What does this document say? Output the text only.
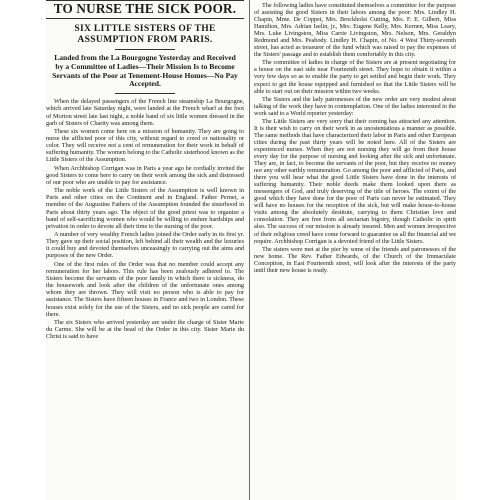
TO NURSE THE SICK POOR.
SIX LITTLE SISTERS OF THE ASSUMPTION FROM PARIS.
Landed from the La Bourgogne Yesterday and Received by a Committee of Ladies—Their Mission Is to Become Servants of the Poor at Tenement-House Homes—No Pay Accepted.

When the delayed passengers of the French line steamship La Bourgogne, which arrived late Saturday night, were landed at the French wharf at the foot of Morton street late last night, a noble band of six little women dressed in the garb of Sisters of Charity was among them.

These six women come here on a mission of humanity. They are going to nurse the afflicted poor of this city, without regard to creed or nationality or color. They will receive not a cent of remuneration for their work in behalf of suffering humanity. The women belong to the Catholic sisterhood known as the Little Sisters of the Assumption.

When Archbishop Corrigan was in Paris a year ago he cordially invited the good Sisters to come here to carry on their work among the sick and distressed of our poor who are unable to pay for assistance.

The noble work of the Little Sisters of the Assumption is well known in Paris and other cities on the Continent and in England. Father Pernet, a member of the Augustine Fathers of the Assumption founded the sisterhood in Paris about thirty years ago. The object of the good priest was to organize a band of self-sacrificing women who would be willing to endure hardships and privation in order to devote all their time to the nursing of the poor.

A number of very wealthy French ladies joined the Order early in its first yr. They gave up their social position, left behind all their wealth and the luxuries it could buy and devoted themselves unceasingly to carrying out the aims and purposes of the new Order.

One of the first rules of the Order was that no member could accept any remuneration for her labors. This rule has been zealously adhered to. The Sisters become the servants of the poor family in which there is sickness, do the housework and look after the children of the unfortunate ones among whom they are thrown. They will visit no person who is able to pay for assistance. The Sisters have fifteen houses in France and two in London. These houses exist solely for the use of the Sisters, and no sick people are cared for there.

The six Sisters who arrived yesterday are under the charge of Sister Marie du Carme. She will be at the head of the Order in this city. Sister Marie du Christ is said to have

The following ladies have constituted themselves a committee for the purpose of assisting the good Sisters in their labors among the poor: Mrs. Lindley H. Chapin, Mme. De Coppet, Mrs. Brockholst Cutting, Mrs. F. E. Gilbert, Miss Hamilton, Mrs. Adrian Iselin, jr., Mrs. Eugene Kelly, Mrs. Kernen, Miss Leary, Mrs. Luke Livingston, Miss Carrie Livingston, Mrs. Nelson, Mrs. Geraldyn Redmond and Mrs. Peabody. Lindley H. Chapin, of No. 4 West Thirty-seventh street, has acted as treasurer of the fund which was raised to pay the expenses of the Sisters' passage and to establish them comfortably in this city.

The committee of ladies in charge of the Sisters are at present negotiating for a house on the east side near Fourteenth street. They hope to obtain it within a very few days so as to enable the party to get settled and begin their work. They expect to get the house equipped and furnished so that the Little Sisters will be able to start out on their mission within two weeks.

The Sisters and the lady patronesses of the new order are very modest about talking of the work they have in contemplation. One of the ladies interested in the work said to a World reporter yesterday:

The Little Sisters are very sorry that their coming has attracted any attention. It is their wish to carry on their work in as unostentatious a manner as possible. The same methods that have characterized their labor in Paris and other European cities during the past thirty years will be noted here. All of the Sisters are experienced nurses. When they are not nursing they will go from their house every day for the purpose of nursing and looking after the sick and unfortunate. They are, in fact, to become the servants of the poor, but they receive no money nor any other earthly remuneration. Go among the poor and afflicted of Paris, and there you will hear what the good Little Sisters have done in the interests of suffering humanity. Their noble deeds make them looked upon there as messengers of God, and truly deserving of the title of heroes. The extent of the good which they have done for the poor of Paris can never be estimated. They will have no houses for the reception of the sick, but will make house-to-house visits among the absolutely destitute, carrying to them Christian love and consolation. They are free from all sectarian bigotry, though Catholic in spirit also. The success of our mission is already insured. Men and women irrespective of their religious creed have come forward to guarantee us all the financial aid we require. Archbishop Corrigan is a devoted friend of the Little Sisters.

The sisters were met at the pier by some of the friends and patronesses of the new home. The Rev. Father Edwards, of the Church of the Immaculate Conception, in East Fourteenth street, will look after the interests of the party until their new house is ready.
